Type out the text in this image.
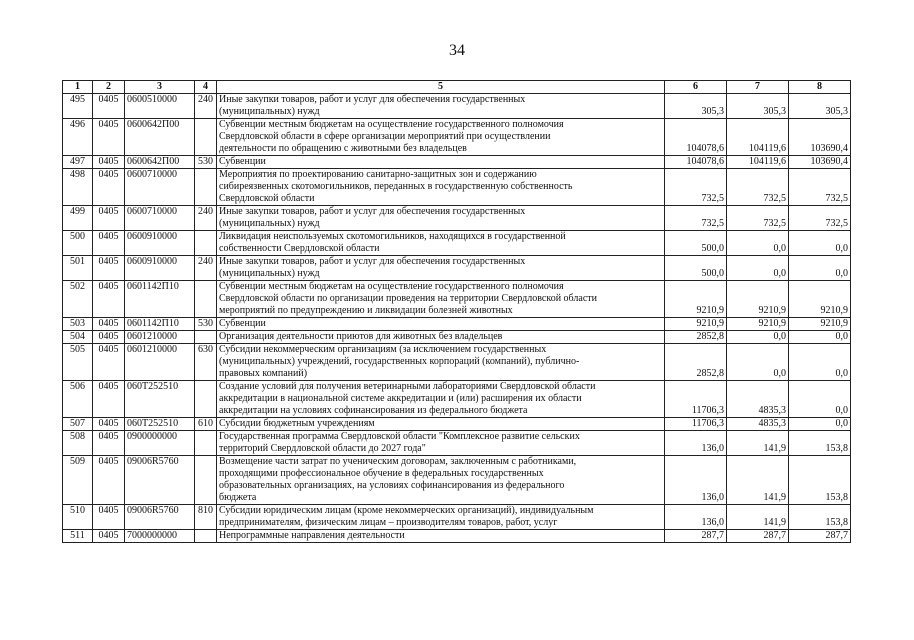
34
1	2	3	4	5	6	7	8
495	0405	0600510000	240	Иные закупки товаров, работ и услуг для обеспечения государственных
(муниципальных) нужд	305,3	305,3	305,3
496	0405	0600642П00		Субвенции местным бюджетам на осуществление государственного полномочия
Свердловской области в сфере организации мероприятий при осуществлении
деятельности по обращению с животными без владельцев	104078,6	104119,6	103690,4
497	0405	0600642П00	530	Субвенции	104078,6	104119,6	103690,4
498	0405	0600710000		Мероприятия по проектированию санитарно-защитных зон и содержанию
сибиреязвенных скотомогильников, переданных в государственную собственность
Свердловской области	732,5	732,5	732,5
499	0405	0600710000	240	Иные закупки товаров, работ и услуг для обеспечения государственных
(муниципальных) нужд	732,5	732,5	732,5
500	0405	0600910000		Ликвидация неиспользуемых скотомогильников, находящихся в государственной
собственности Свердловской области	500,0	0,0	0,0
501	0405	0600910000	240	Иные закупки товаров, работ и услуг для обеспечения государственных
(муниципальных) нужд	500,0	0,0	0,0
502	0405	0601142П10		Субвенции местным бюджетам на осуществление государственного полномочия
Свердловской области по организации проведения на территории Свердловской области
мероприятий по предупреждению и ликвидации болезней животных	9210,9	9210,9	9210,9
503	0405	0601142П10	530	Субвенции	9210,9	9210,9	9210,9
504	0405	0601210000		Организация деятельности приютов для животных без владельцев	2852,8	0,0	0,0
505	0405	0601210000	630	Субсидии некоммерческим организациям (за исключением государственных
(муниципальных) учреждений, государственных корпораций (компаний), публично-
правовых компаний)	2852,8	0,0	0,0
506	0405	060Т252510		Создание условий для получения ветеринарными лабораториями Свердловской области
аккредитации в национальной системе аккредитации и (или) расширения их области
аккредитации на условиях софинансирования из федерального бюджета	11706,3	4835,3	0,0
507	0405	060Т252510	610	Субсидии бюджетным учреждениям	11706,3	4835,3	0,0
508	0405	0900000000		Государственная программа Свердловской области "Комплексное развитие сельских
территорий Свердловской области до 2027 года"	136,0	141,9	153,8
509	0405	09006R5760		Возмещение части затрат по ученическим договорам, заключенным с работниками,
проходящими профессиональное обучение в федеральных государственных
образовательных организациях, на условиях софинансирования из федерального
бюджета	136,0	141,9	153,8
510	0405	09006R5760	810	Субсидии юридическим лицам (кроме некоммерческих организаций), индивидуальным
предпринимателям, физическим лицам – производителям товаров, работ, услуг	136,0	141,9	153,8
511	0405	7000000000		Непрограммные направления деятельности	287,7	287,7	287,7
